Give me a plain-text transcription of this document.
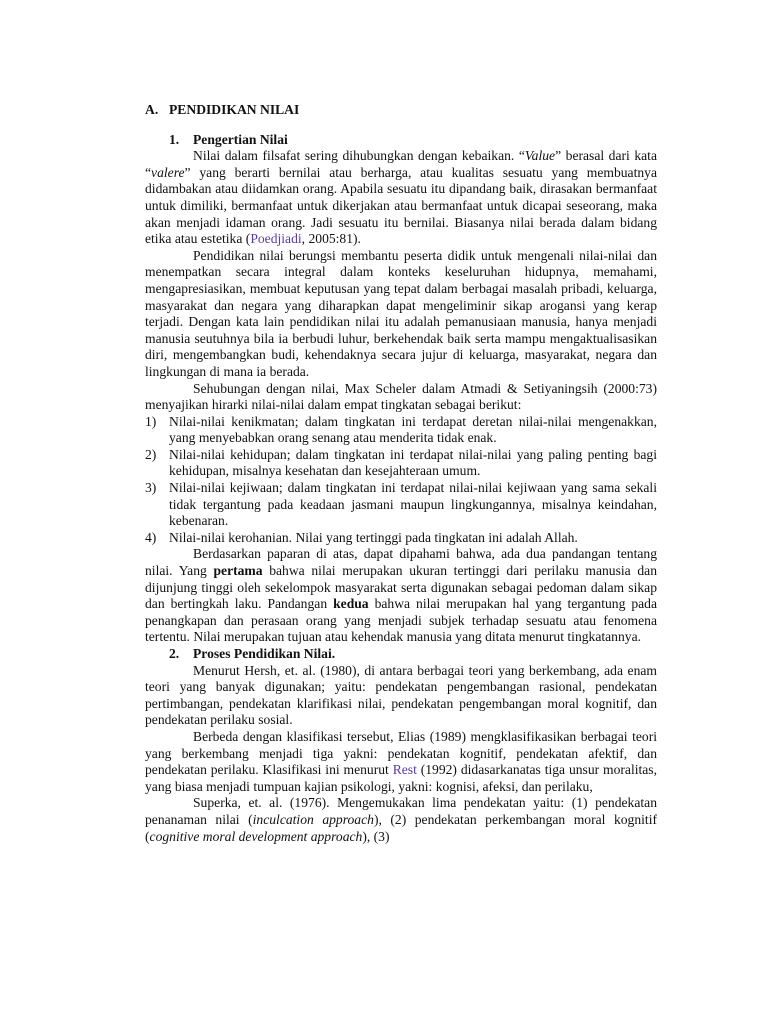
A. PENDIDIKAN NILAI
1.	Pengertian Nilai

Nilai dalam filsafat sering dihubungkan dengan kebaikan. “Value” berasal dari kata “valere” yang berarti bernilai atau berharga, atau kualitas sesuatu yang membuatnya didambakan atau diidamkan orang. Apabila sesuatu itu dipandang baik, dirasakan bermanfaat untuk dimiliki, bermanfaat untuk dikerjakan atau bermanfaat untuk dicapai seseorang, maka akan menjadi idaman orang. Jadi sesuatu itu bernilai. Biasanya nilai berada dalam bidang etika atau estetika (Poedjiadi, 2005:81).

Pendidikan nilai berungsi membantu peserta didik untuk mengenali nilai-nilai dan menempatkan secara integral dalam konteks keseluruhan hidupnya, memahami, mengapresiasikan, membuat keputusan yang tepat dalam berbagai masalah pribadi, keluarga, masyarakat dan negara yang diharapkan dapat mengeliminir sikap arogansi yang kerap terjadi. Dengan kata lain pendidikan nilai itu adalah pemanusiaan manusia, hanya menjadi manusia seutuhnya bila ia berbudi luhur, berkehendak baik serta mampu mengaktualisasikan diri, mengembangkan budi, kehendaknya secara jujur di keluarga, masyarakat, negara dan lingkungan di mana ia berada.

Sehubungan dengan nilai, Max Scheler dalam Atmadi & Setiyaningsih (2000:73) menyajikan hirarki nilai-nilai dalam empat tingkatan sebagai berikut:

1) Nilai-nilai kenikmatan; dalam tingkatan ini terdapat deretan nilai-nilai mengenakkan, yang menyebabkan orang senang atau menderita tidak enak.
2) Nilai-nilai kehidupan; dalam tingkatan ini terdapat nilai-nilai yang paling penting bagi kehidupan, misalnya kesehatan dan kesejahteraan umum.
3) Nilai-nilai kejiwaan; dalam tingkatan ini terdapat nilai-nilai kejiwaan yang sama sekali tidak tergantung pada keadaan jasmani maupun lingkungannya, misalnya keindahan, kebenaran.
4) Nilai-nilai kerohanian. Nilai yang tertinggi pada tingkatan ini adalah Allah.

Berdasarkan paparan di atas, dapat dipahami bahwa, ada dua pandangan tentang nilai. Yang pertama bahwa nilai merupakan ukuran tertinggi dari perilaku manusia dan dijunjung tinggi oleh sekelompok masyarakat serta digunakan sebagai pedoman dalam sikap dan bertingkah laku. Pandangan kedua bahwa nilai merupakan hal yang tergantung pada penangkapan dan perasaan orang yang menjadi subjek terhadap sesuatu atau fenomena tertentu. Nilai merupakan tujuan atau kehendak manusia yang ditata menurut tingkatannya.

2.	Proses Pendidikan Nilai.

Menurut Hersh, et. al. (1980), di antara berbagai teori yang berkembang, ada enam teori yang banyak digunakan; yaitu: pendekatan pengembangan rasional, pendekatan pertimbangan, pendekatan klarifikasi nilai, pendekatan pengembangan moral kognitif, dan pendekatan perilaku sosial.

Berbeda dengan klasifikasi tersebut, Elias (1989) mengklasifikasikan berbagai teori yang berkembang menjadi tiga yakni: pendekatan kognitif, pendekatan afektif, dan pendekatan perilaku. Klasifikasi ini menurut Rest (1992) didasarkanatas tiga unsur moralitas, yang biasa menjadi tumpuan kajian psikologi, yakni: kognisi, afeksi, dan perilaku,

Superka, et. al. (1976). Mengemukakan lima pendekatan yaitu: (1) pendekatan penanaman nilai (inculcation approach), (2) pendekatan perkembangan moral kognitif (cognitive moral development approach), (3)
